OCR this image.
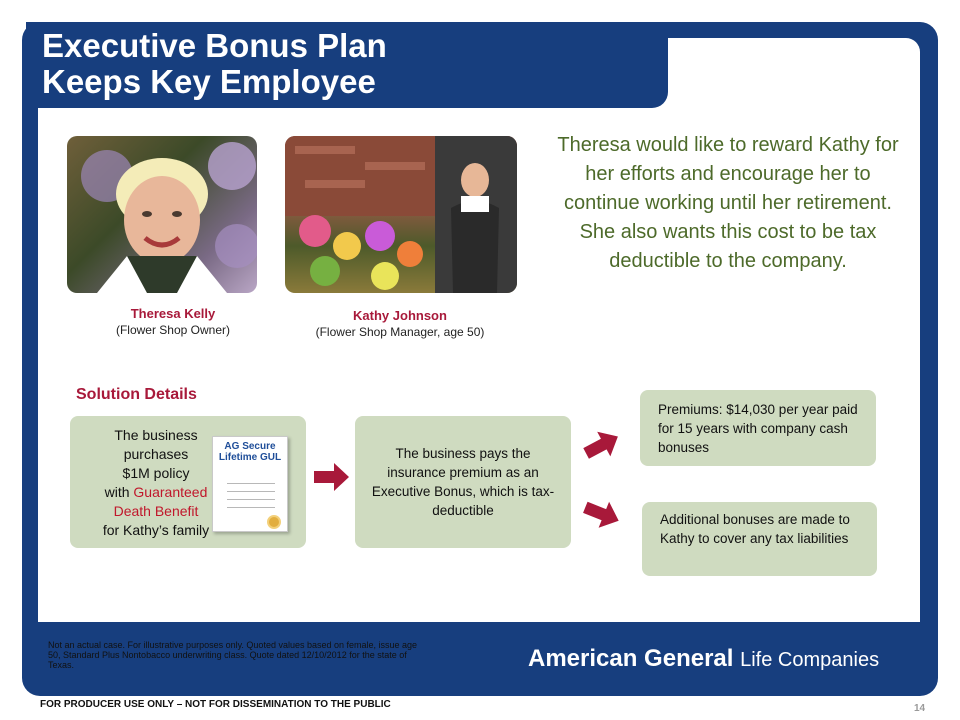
Executive Bonus Plan
Keeps Key Employee
Theresa Kelly
(Flower Shop Owner)
Kathy Johnson
(Flower Shop Manager, age 50)
Theresa would like to reward Kathy for her efforts and encourage her to continue working until her retirement. She also wants this cost to be tax deductible to the company.
Solution Details
The business
purchases
$1M policy
with Guaranteed
Death Benefit
for Kathy’s family
AG Secure Lifetime GUL	The business pays the insurance premium as an Executive Bonus, which is tax-deductible
Premiums: $14,030 per year paid for 15 years with company cash bonuses
Additional bonuses are made to Kathy to cover any tax liabilities
Not an actual case. For illustrative purposes only. Quoted values based on female, issue age 50, Standard Plus Nontobacco underwriting class. Quote dated 12/10/2012 for the state of Texas.	American General Life Companies
FOR PRODUCER USE ONLY – NOT FOR DISSEMINATION TO THE PUBLIC	14
